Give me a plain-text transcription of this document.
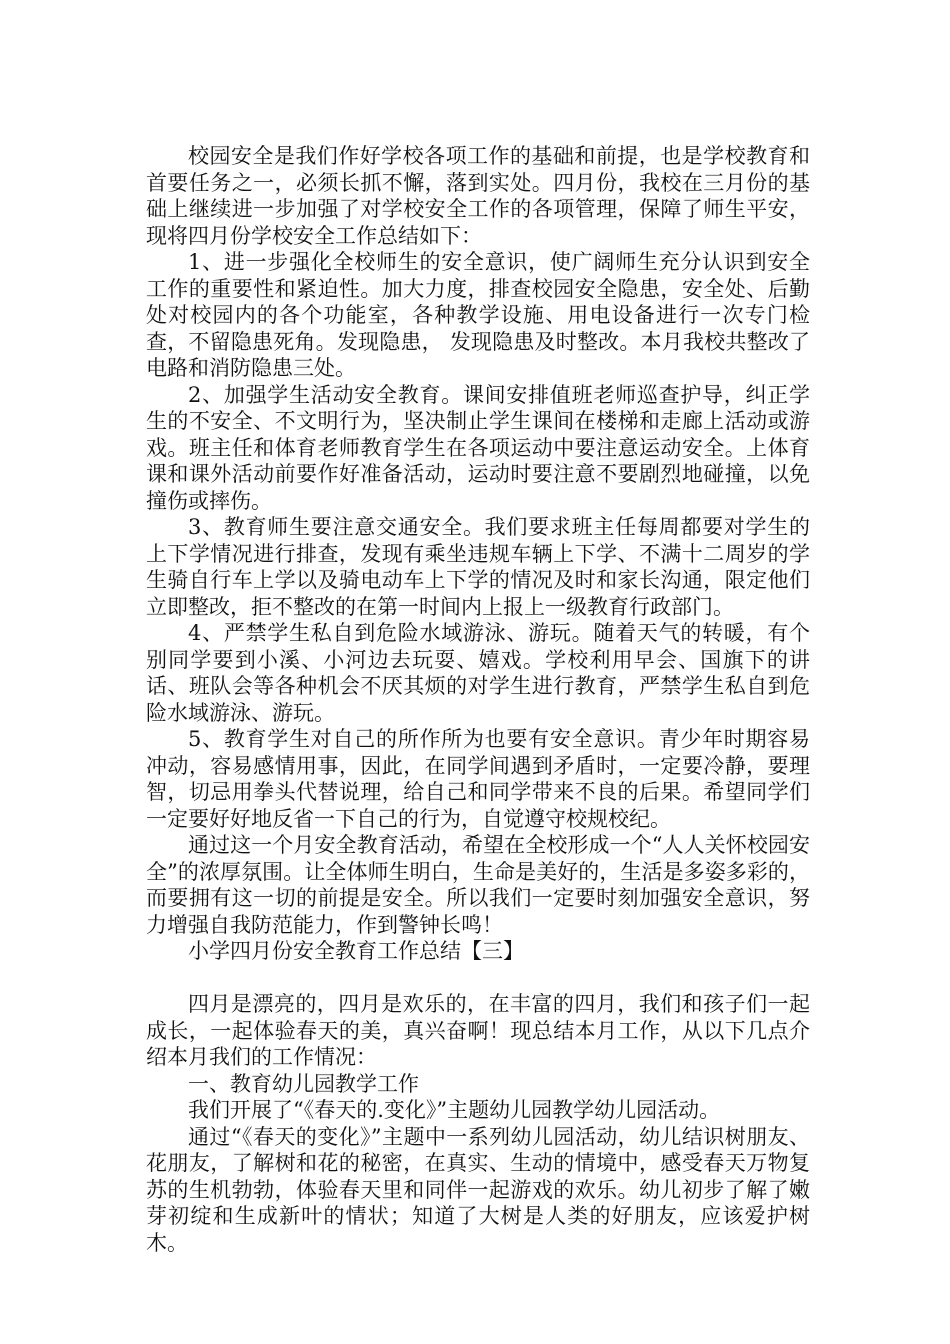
校园安全是我们作好学校各项工作的基础和前提，也是学校教育和首要任务之一，必须长抓不懈，落到实处。四月份，我校在三月份的基础上继续进一步加强了对学校安全工作的各项管理，保障了师生平安，现将四月份学校安全工作总结如下：

1、进一步强化全校师生的安全意识，使广阔师生充分认识到安全工作的重要性和紧迫性。加大力度，排查校园安全隐患，安全处、后勤处对校园内的各个功能室，各种教学设施、用电设备进行一次专门检查，不留隐患死角。发现隐患， 发现隐患及时整改。本月我校共整改了电路和消防隐患三处。

2、加强学生活动安全教育。课间安排值班老师巡查护导，纠正学生的不安全、不文明行为，坚决制止学生课间在楼梯和走廊上活动或游戏。班主任和体育老师教育学生在各项运动中要注意运动安全。上体育课和课外活动前要作好准备活动，运动时要注意不要剧烈地碰撞，以免撞伤或摔伤。

3、教育师生要注意交通安全。我们要求班主任每周都要对学生的上下学情况进行排查，发现有乘坐违规车辆上下学、不满十二周岁的学生骑自行车上学以及骑电动车上下学的情况及时和家长沟通，限定他们立即整改，拒不整改的在第一时间内上报上一级教育行政部门。

4、严禁学生私自到危险水域游泳、游玩。随着天气的转暖，有个别同学要到小溪、小河边去玩耍、嬉戏。学校利用早会、国旗下的讲话、班队会等各种机会不厌其烦的对学生进行教育，严禁学生私自到危险水域游泳、游玩。

5、教育学生对自己的所作所为也要有安全意识。青少年时期容易冲动，容易感情用事，因此，在同学间遇到矛盾时，一定要冷静，要理智，切忌用拳头代替说理，给自己和同学带来不良的后果。希望同学们一定要好好地反省一下自己的行为，自觉遵守校规校纪。

通过这一个月安全教育活动，希望在全校形成一个“人人关怀校园安全”的浓厚氛围。让全体师生明白，生命是美好的，生活是多姿多彩的，而要拥有这一切的前提是安全。所以我们一定要时刻加强安全意识，努力增强自我防范能力，作到警钟长鸣！

小学四月份安全教育工作总结【三】

四月是漂亮的，四月是欢乐的，在丰富的四月，我们和孩子们一起成长，一起体验春天的美，真兴奋啊！现总结本月工作，从以下几点介绍本月我们的工作情况：

一、教育幼儿园教学工作

我们开展了“《春天的.变化》”主题幼儿园教学幼儿园活动。

通过“《春天的变化》”主题中一系列幼儿园活动，幼儿结识树朋友、花朋友，了解树和花的秘密，在真实、生动的情境中，感受春天万物复苏的生机勃勃，体验春天里和同伴一起游戏的欢乐。幼儿初步了解了嫩芽初绽和生成新叶的情状；知道了大树是人类的好朋友，应该爱护树木。
